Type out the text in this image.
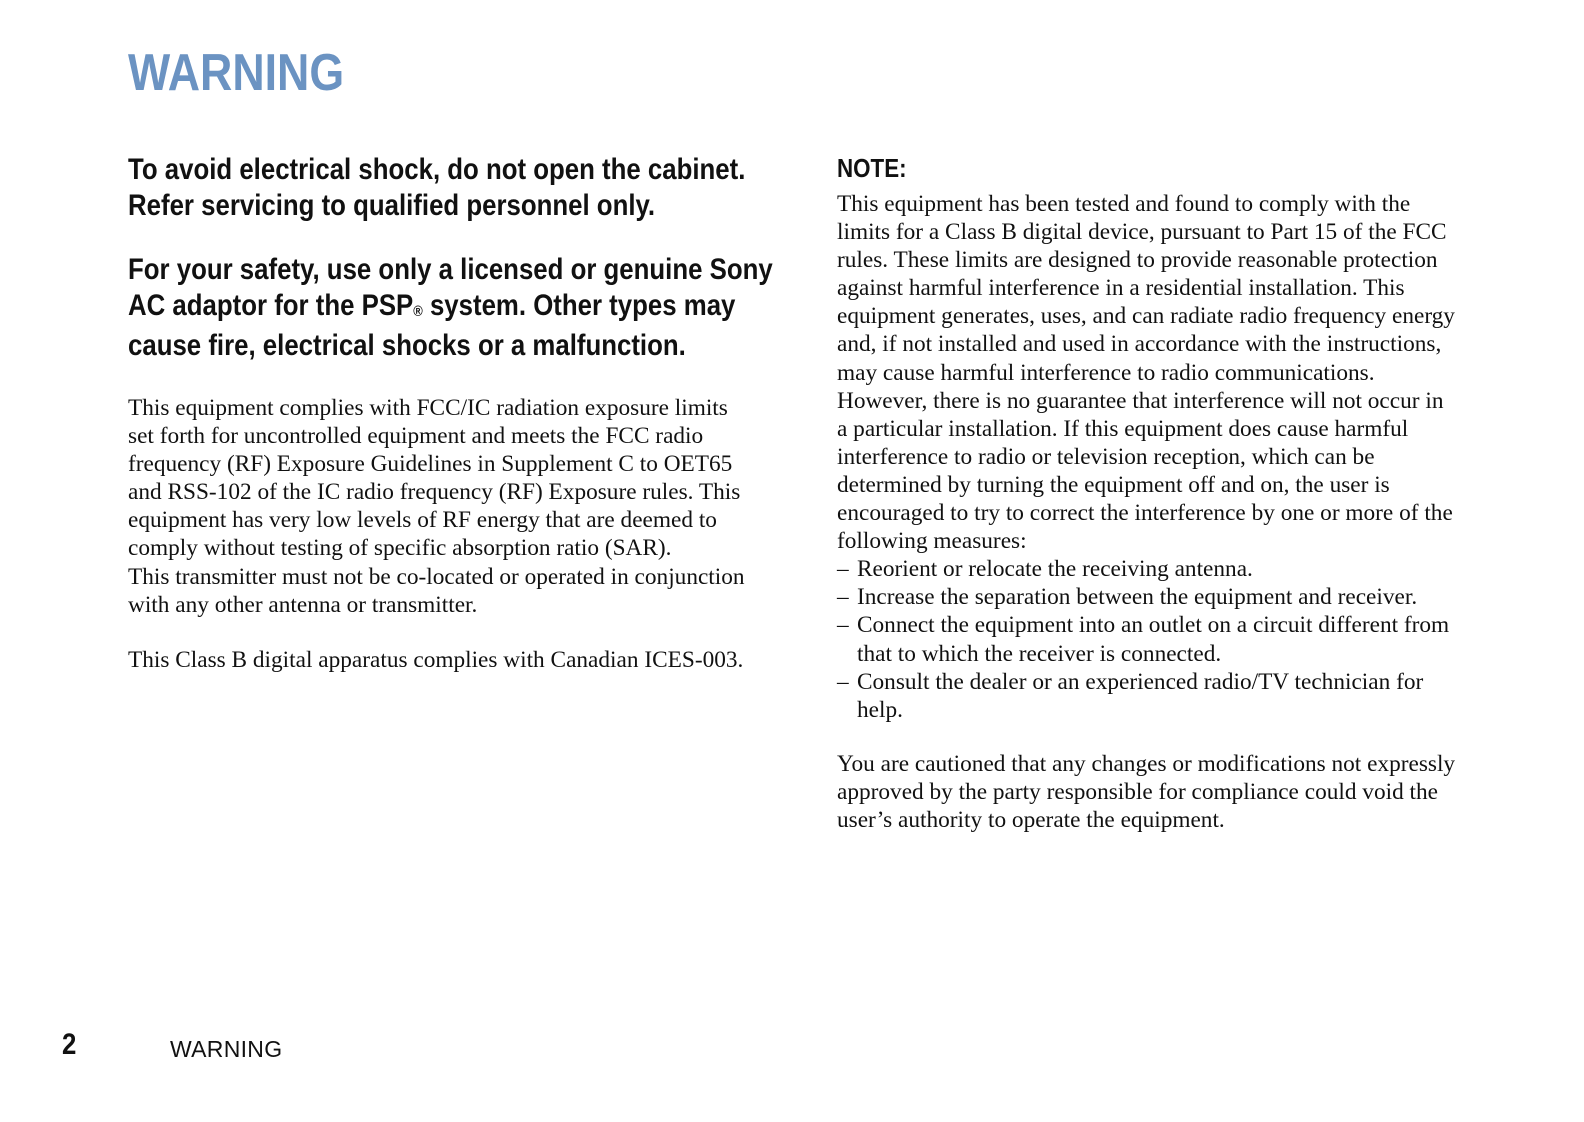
WARNING

To avoid electrical shock, do not open the cabinet.
Refer servicing to qualified personnel only.

For your safety, use only a licensed or genuine Sony
AC adaptor for the PSP® system. Other types may
cause fire, electrical shocks or a malfunction.

This equipment complies with FCC/IC radiation exposure limits
set forth for uncontrolled equipment and meets the FCC radio
frequency (RF) Exposure Guidelines in Supplement C to OET65
and RSS-102 of the IC radio frequency (RF) Exposure rules. This
equipment has very low levels of RF energy that are deemed to
comply without testing of specific absorption ratio (SAR).
This transmitter must not be co-located or operated in conjunction
with any other antenna or transmitter.
This Class B digital apparatus complies with Canadian ICES-003.
NOTE:
This equipment has been tested and found to comply with the
limits for a Class B digital device, pursuant to Part 15 of the FCC
rules. These limits are designed to provide reasonable protection
against harmful interference in a residential installation. This
equipment generates, uses, and can radiate radio frequency energy
and, if not installed and used in accordance with the instructions,
may cause harmful interference to radio communications.
However, there is no guarantee that interference will not occur in
a particular installation. If this equipment does cause harmful
interference to radio or television reception, which can be
determined by turning the equipment off and on, the user is
encouraged to try to correct the interference by one or more of the
following measures:
– Reorient or relocate the receiving antenna.
– Increase the separation between the equipment and receiver.
– Connect the equipment into an outlet on a circuit different from
that to which the receiver is connected.
– Consult the dealer or an experienced radio/TV technician for
help.
You are cautioned that any changes or modifications not expressly
approved by the party responsible for compliance could void the
user’s authority to operate the equipment.
2	WARNING
